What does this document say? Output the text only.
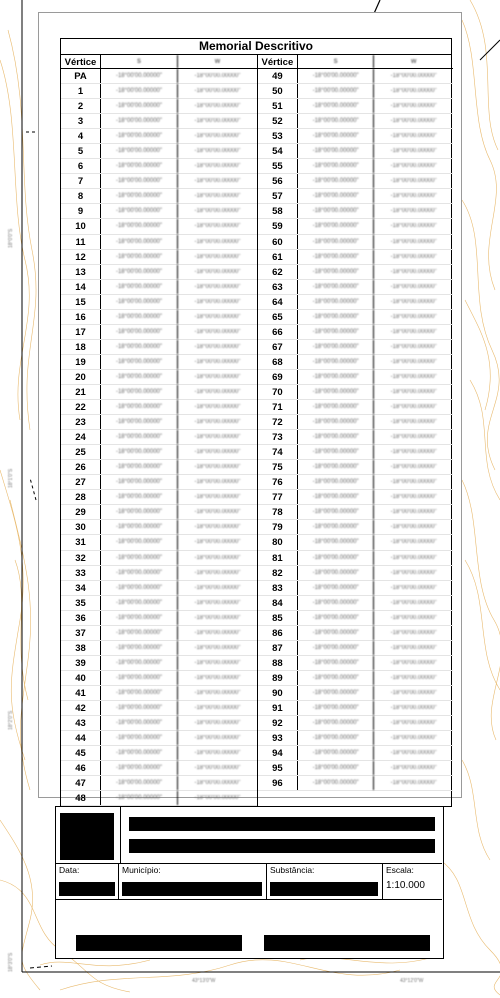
18°0'0"S
18°1'0"S
18°2'0"S
18°3'0"S
43°13'0"W	43°12'0"W
Memorial Descritivo
Vértice	S	W
PA	-18°00'00.00000"	-18°00'00.00000"
1	-18°00'00.00000"	-18°00'00.00000"
2	-18°00'00.00000"	-18°00'00.00000"
3	-18°00'00.00000"	-18°00'00.00000"
4	-18°00'00.00000"	-18°00'00.00000"
5	-18°00'00.00000"	-18°00'00.00000"
6	-18°00'00.00000"	-18°00'00.00000"
7	-18°00'00.00000"	-18°00'00.00000"
8	-18°00'00.00000"	-18°00'00.00000"
9	-18°00'00.00000"	-18°00'00.00000"
10	-18°00'00.00000"	-18°00'00.00000"
11	-18°00'00.00000"	-18°00'00.00000"
12	-18°00'00.00000"	-18°00'00.00000"
13	-18°00'00.00000"	-18°00'00.00000"
14	-18°00'00.00000"	-18°00'00.00000"
15	-18°00'00.00000"	-18°00'00.00000"
16	-18°00'00.00000"	-18°00'00.00000"
17	-18°00'00.00000"	-18°00'00.00000"
18	-18°00'00.00000"	-18°00'00.00000"
19	-18°00'00.00000"	-18°00'00.00000"
20	-18°00'00.00000"	-18°00'00.00000"
21	-18°00'00.00000"	-18°00'00.00000"
22	-18°00'00.00000"	-18°00'00.00000"
23	-18°00'00.00000"	-18°00'00.00000"
24	-18°00'00.00000"	-18°00'00.00000"
25	-18°00'00.00000"	-18°00'00.00000"
26	-18°00'00.00000"	-18°00'00.00000"
27	-18°00'00.00000"	-18°00'00.00000"
28	-18°00'00.00000"	-18°00'00.00000"
29	-18°00'00.00000"	-18°00'00.00000"
30	-18°00'00.00000"	-18°00'00.00000"
31	-18°00'00.00000"	-18°00'00.00000"
32	-18°00'00.00000"	-18°00'00.00000"
33	-18°00'00.00000"	-18°00'00.00000"
34	-18°00'00.00000"	-18°00'00.00000"
35	-18°00'00.00000"	-18°00'00.00000"
36	-18°00'00.00000"	-18°00'00.00000"
37	-18°00'00.00000"	-18°00'00.00000"
38	-18°00'00.00000"	-18°00'00.00000"
39	-18°00'00.00000"	-18°00'00.00000"
40	-18°00'00.00000"	-18°00'00.00000"
41	-18°00'00.00000"	-18°00'00.00000"
42	-18°00'00.00000"	-18°00'00.00000"
43	-18°00'00.00000"	-18°00'00.00000"
44	-18°00'00.00000"	-18°00'00.00000"
45	-18°00'00.00000"	-18°00'00.00000"
46	-18°00'00.00000"	-18°00'00.00000"
47	-18°00'00.00000"	-18°00'00.00000"
48	-18°00'00.00000"	-18°00'00.00000"
Vértice	S	W
49	-18°00'00.00000"	-18°00'00.00000"
50	-18°00'00.00000"	-18°00'00.00000"
51	-18°00'00.00000"	-18°00'00.00000"
52	-18°00'00.00000"	-18°00'00.00000"
53	-18°00'00.00000"	-18°00'00.00000"
54	-18°00'00.00000"	-18°00'00.00000"
55	-18°00'00.00000"	-18°00'00.00000"
56	-18°00'00.00000"	-18°00'00.00000"
57	-18°00'00.00000"	-18°00'00.00000"
58	-18°00'00.00000"	-18°00'00.00000"
59	-18°00'00.00000"	-18°00'00.00000"
60	-18°00'00.00000"	-18°00'00.00000"
61	-18°00'00.00000"	-18°00'00.00000"
62	-18°00'00.00000"	-18°00'00.00000"
63	-18°00'00.00000"	-18°00'00.00000"
64	-18°00'00.00000"	-18°00'00.00000"
65	-18°00'00.00000"	-18°00'00.00000"
66	-18°00'00.00000"	-18°00'00.00000"
67	-18°00'00.00000"	-18°00'00.00000"
68	-18°00'00.00000"	-18°00'00.00000"
69	-18°00'00.00000"	-18°00'00.00000"
70	-18°00'00.00000"	-18°00'00.00000"
71	-18°00'00.00000"	-18°00'00.00000"
72	-18°00'00.00000"	-18°00'00.00000"
73	-18°00'00.00000"	-18°00'00.00000"
74	-18°00'00.00000"	-18°00'00.00000"
75	-18°00'00.00000"	-18°00'00.00000"
76	-18°00'00.00000"	-18°00'00.00000"
77	-18°00'00.00000"	-18°00'00.00000"
78	-18°00'00.00000"	-18°00'00.00000"
79	-18°00'00.00000"	-18°00'00.00000"
80	-18°00'00.00000"	-18°00'00.00000"
81	-18°00'00.00000"	-18°00'00.00000"
82	-18°00'00.00000"	-18°00'00.00000"
83	-18°00'00.00000"	-18°00'00.00000"
84	-18°00'00.00000"	-18°00'00.00000"
85	-18°00'00.00000"	-18°00'00.00000"
86	-18°00'00.00000"	-18°00'00.00000"
87	-18°00'00.00000"	-18°00'00.00000"
88	-18°00'00.00000"	-18°00'00.00000"
89	-18°00'00.00000"	-18°00'00.00000"
90	-18°00'00.00000"	-18°00'00.00000"
91	-18°00'00.00000"	-18°00'00.00000"
92	-18°00'00.00000"	-18°00'00.00000"
93	-18°00'00.00000"	-18°00'00.00000"
94	-18°00'00.00000"	-18°00'00.00000"
95	-18°00'00.00000"	-18°00'00.00000"
96	-18°00'00.00000"	-18°00'00.00000"
Data:	Município:	Substância:	Escala:
1:10.000
